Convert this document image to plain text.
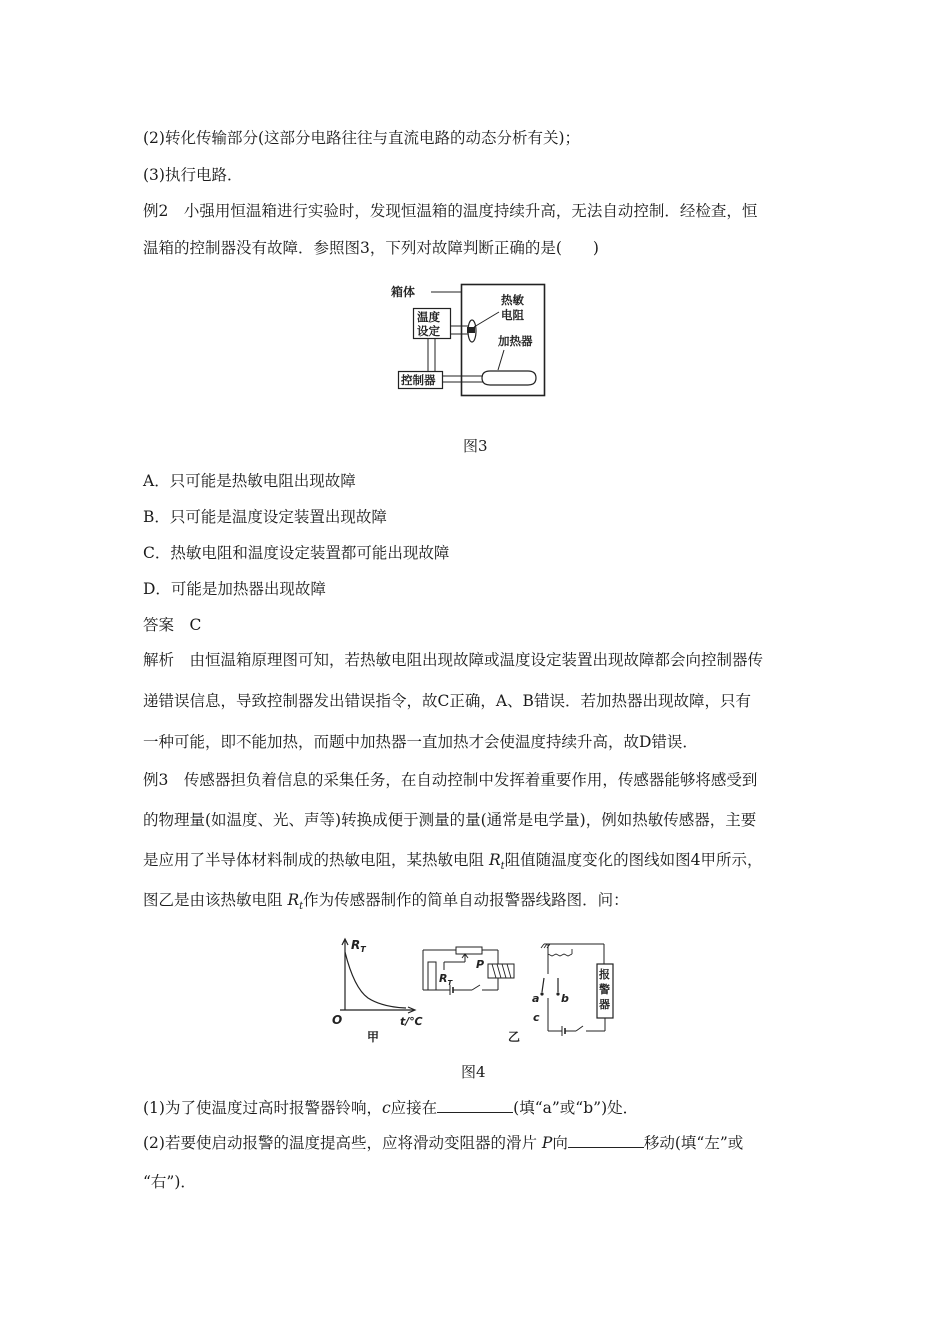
(2)转化传输部分(这部分电路往往与直流电路的动态分析有关)；
(3)执行电路．
例2　小强用恒温箱进行实验时，发现恒温箱的温度持续升高，无法自动控制．经检查，恒
温箱的控制器没有故障．参照图3，下列对故障判断正确的是(　　)
箱体
热敏
电阻
温度
设定
加热器
控制器
图3
A．只可能是热敏电阻出现故障
B．只可能是温度设定装置出现故障
C．热敏电阻和温度设定装置都可能出现故障
D．可能是加热器出现故障
答案　C
解析　由恒温箱原理图可知，若热敏电阻出现故障或温度设定装置出现故障都会向控制器传
递错误信息，导致控制器发出错误指令，故C正确，A、B错误．若加热器出现故障，只有
一种可能，即不能加热，而题中加热器一直加热才会使温度持续升高，故D错误．
例3　传感器担负着信息的采集任务，在自动控制中发挥着重要作用，传感器能够将感受到
的物理量(如温度、光、声等)转换成便于测量的量(通常是电学量)，例如热敏传感器，主要
是应用了半导体材料制成的热敏电阻，某热敏电阻 $R_t$阻值随温度变化的图线如图4甲所示，
图乙是由该热敏电阻 $R_t$作为传感器制作的简单自动报警器线路图．问：
$R_T$
O	t/℃
甲
P
$R_T$
报
警
器
a b
c
乙
图4
(1)为了使温度过高时报警器铃响，c应接在	(填“a”或“b”)处．
(2)若要使启动报警的温度提高些，应将滑动变阻器的滑片 P向	移动(填“左”或
“右”)．
